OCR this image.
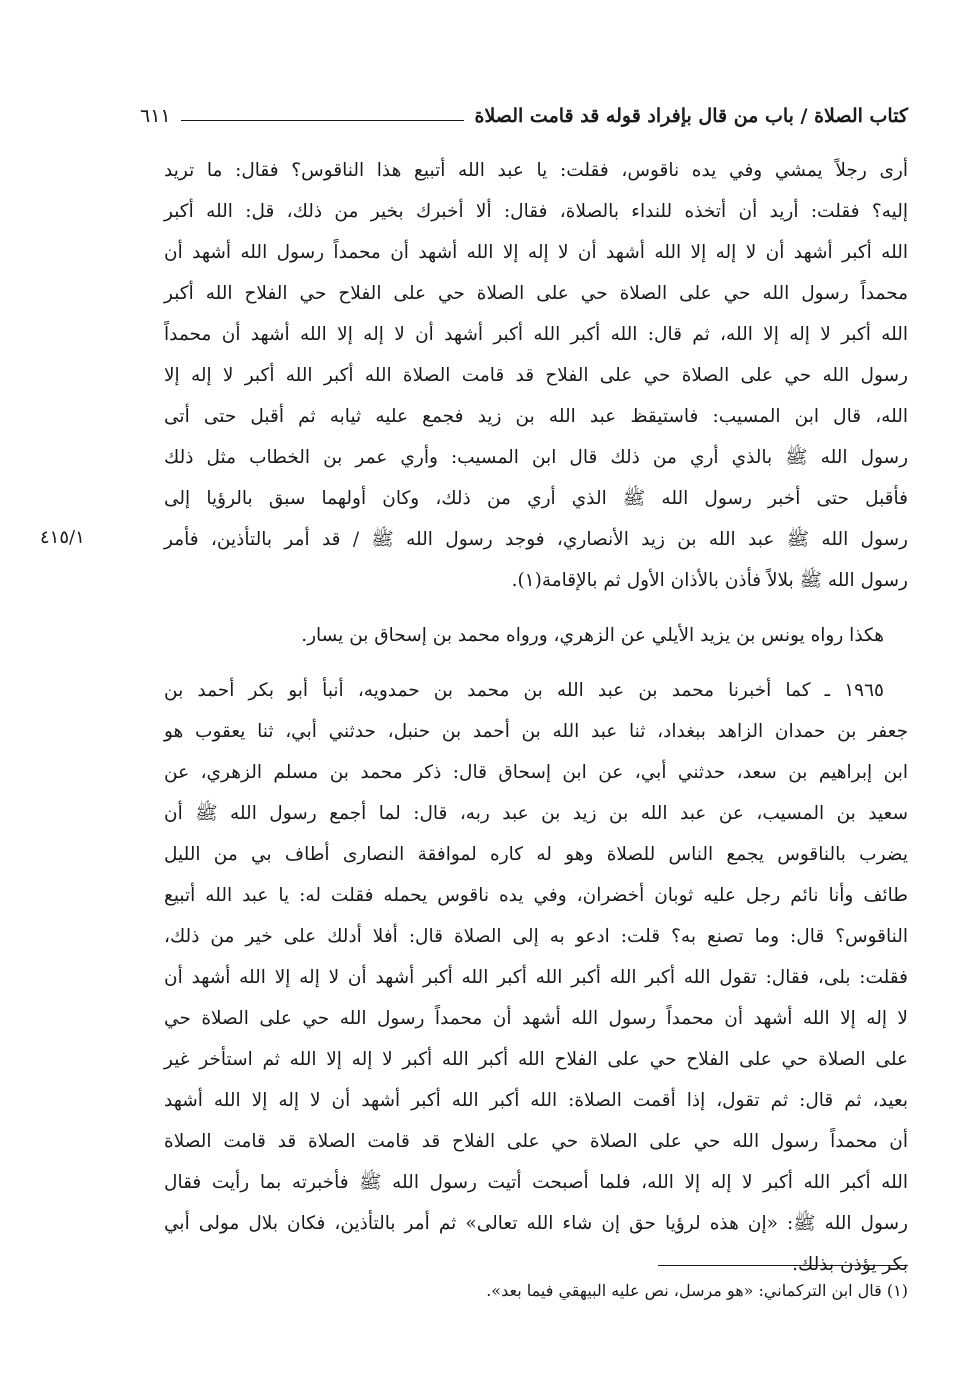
كتاب الصلاة / باب من قال بإفراد قوله قد قامت الصلاة
٦١١
٤١٥/١
أرى رجلاً يمشي وفي يده ناقوس، فقلت: يا عبد الله أتبيع هذا الناقوس؟ فقال: ما تريد
إليه؟ فقلت: أريد أن أتخذه للنداء بالصلاة، فقال: ألا أخبرك بخير من ذلك، قل: الله أكبر
الله أكبر أشهد أن لا إله إلا الله أشهد أن لا إله إلا الله أشهد أن محمداً رسول الله أشهد أن
محمداً رسول الله حي على الصلاة حي على الصلاة حي على الفلاح حي الفلاح الله أكبر
الله أكبر لا إله إلا الله، ثم قال: الله أكبر الله أكبر أشهد أن لا إله إلا الله أشهد أن محمداً
رسول الله حي على الصلاة حي على الفلاح قد قامت الصلاة الله أكبر الله أكبر لا إله إلا
الله، قال ابن المسيب: فاستيقظ عبد الله بن زيد فجمع عليه ثيابه ثم أقبل حتى أتى
رسول الله ﷺ بالذي أري من ذلك قال ابن المسيب: وأري عمر بن الخطاب مثل ذلك
فأقبل حتى أخبر رسول الله ﷺ الذي أري من ذلك، وكان أولهما سبق بالرؤيا إلى
رسول الله ﷺ عبد الله بن زيد الأنصاري، فوجد رسول الله ﷺ / قد أمر بالتأذين، فأمر
رسول الله ﷺ بلالاً فأذن بالأذان الأول ثم بالإقامة(١).
هكذا رواه يونس بن يزيد الأيلي عن الزهري، ورواه محمد بن إسحاق بن يسار.
١٩٦٥ ـ كما أخبرنا محمد بن عبد الله بن محمد بن حمدويه، أنبأ أبو بكر أحمد بن
جعفر بن حمدان الزاهد ببغداد، ثنا عبد الله بن أحمد بن حنبل، حدثني أبي، ثنا يعقوب هو
ابن إبراهيم بن سعد، حدثني أبي، عن ابن إسحاق قال: ذكر محمد بن مسلم الزهري، عن
سعيد بن المسيب، عن عبد الله بن زيد بن عبد ربه، قال: لما أجمع رسول الله ﷺ أن
يضرب بالناقوس يجمع الناس للصلاة وهو له كاره لموافقة النصارى أطاف بي من الليل
طائف وأنا نائم رجل عليه ثوبان أخضران، وفي يده ناقوس يحمله فقلت له: يا عبد الله أتبيع
الناقوس؟ قال: وما تصنع به؟ قلت: ادعو به إلى الصلاة قال: أفلا أدلك على خير من ذلك،
فقلت: بلى، فقال: تقول الله أكبر الله أكبر الله أكبر الله أكبر أشهد أن لا إله إلا الله أشهد أن
لا إله إلا الله أشهد أن محمداً رسول الله أشهد أن محمداً رسول الله حي على الصلاة حي
على الصلاة حي على الفلاح حي على الفلاح الله أكبر الله أكبر لا إله إلا الله ثم استأخر غير
بعيد، ثم قال: ثم تقول، إذا أقمت الصلاة: الله أكبر الله أكبر أشهد أن لا إله إلا الله أشهد
أن محمداً رسول الله حي على الصلاة حي على الفلاح قد قامت الصلاة قد قامت الصلاة
الله أكبر الله أكبر لا إله إلا الله، فلما أصبحت أتيت رسول الله ﷺ فأخبرته بما رأيت فقال
رسول الله ﷺ: «إن هذه لرؤيا حق إن شاء الله تعالى» ثم أمر بالتأذين، فكان بلال مولى أبي
بكر يؤذن بذلك.
(١) قال ابن التركماني: «هو مرسل، نص عليه البيهقي فيما بعد».
